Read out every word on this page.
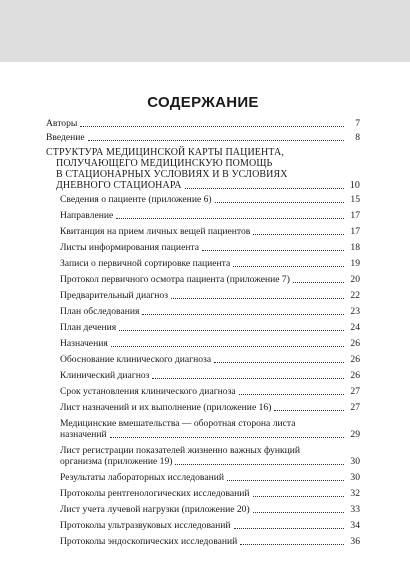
СОДЕРЖАНИЕ
Авторы	7
Введение	8
СТРУКТУРА МЕДИЦИНСКОЙ КАРТЫ ПАЦИЕНТА,
ПОЛУЧАЮЩЕГО МЕДИЦИНСКУЮ ПОМОЩЬ
В СТАЦИОНАРНЫХ УСЛОВИЯХ И В УСЛОВИЯХ
ДНЕВНОГО СТАЦИОНАРА	10
Сведения о пациенте (приложение 6)	15
Направление	17
Квитанция на прием личных вещей пациентов	17
Листы информирования пациента	18
Записи о первичной сортировке пациента	19
Протокол первичного осмотра пациента (приложение 7)	20
Предварительный диагноз	22
План обследования	23
План дечения	24
Назначения	26
Обоснование клинического диагноза	26
Клинический диагноз	26
Срок установления клинического диагноза	27
Лист назначений и их выполнение (приложение 16)	27
Медицинские вмешательства — оборотная сторона листа
назначений	29
Лист регистрации показателей жизненно важных функций
организма (приложение 19)	30
Результаты лабораторных исследований	30
Протоколы рентгенологических исследований	32
Лист учета лучевой нагрузки (приложение 20)	33
Протоколы ультразвуковых исследований	34
Протоколы эндоскопических исследований	36
